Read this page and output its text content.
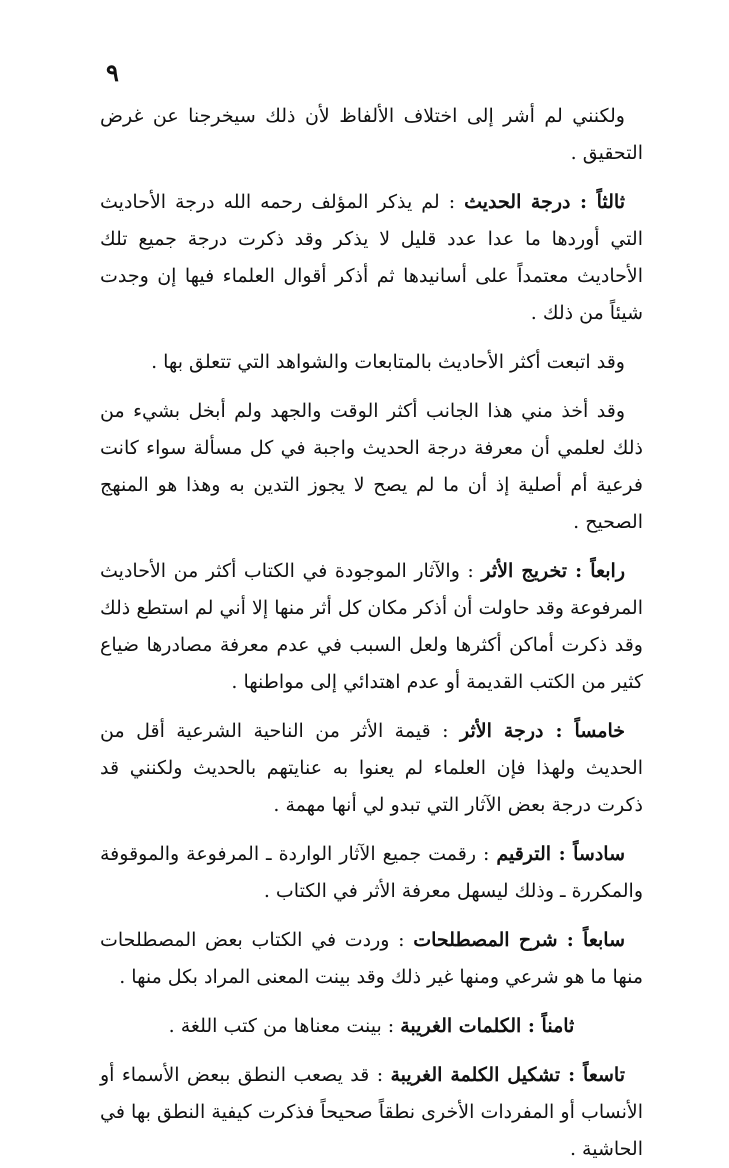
٩

ولكنني لم أشر إلى اختلاف الألفاظ لأن ذلك سيخرجنا عن غرض التحقيق .

ثالثاً : درجة الحديث : لم يذكر المؤلف رحمه الله درجة الأحاديث التي أوردها ما عدا عدد قليل لا يذكر وقد ذكرت درجة جميع تلك الأحاديث معتمداً على أسانيدها ثم أذكر أقوال العلماء فيها إن وجدت شيئاً من ذلك .

وقد اتبعت أكثر الأحاديث بالمتابعات والشواهد التي تتعلق بها .

وقد أخذ مني هذا الجانب أكثر الوقت والجهد ولم أبخل بشيء من ذلك لعلمي أن معرفة درجة الحديث واجبة في كل مسألة سواء كانت فرعية أم أصلية إذ أن ما لم يصح لا يجوز التدين به وهذا هو المنهج الصحيح .

رابعاً : تخريج الأثر : والآثار الموجودة في الكتاب أكثر من الأحاديث المرفوعة وقد حاولت أن أذكر مكان كل أثر منها إلا أني لم استطع ذلك وقد ذكرت أماكن أكثرها ولعل السبب في عدم معرفة مصادرها ضياع كثير من الكتب القديمة أو عدم اهتدائي إلى مواطنها .

خامساً : درجة الأثر : قيمة الأثر من الناحية الشرعية أقل من الحديث ولهذا فإن العلماء لم يعنوا به عنايتهم بالحديث ولكنني قد ذكرت درجة بعض الآثار التي تبدو لي أنها مهمة .

سادساً : الترقيم : رقمت جميع الآثار الواردة ـ المرفوعة والموقوفة والمكررة ـ وذلك ليسهل معرفة الأثر في الكتاب .

سابعاً : شرح المصطلحات : وردت في الكتاب بعض المصطلحات منها ما هو شرعي ومنها غير ذلك وقد بينت المعنى المراد بكل منها .

ثامناً : الكلمات الغريبة : بينت معناها من كتب اللغة .

تاسعاً : تشكيل الكلمة الغريبة : قد يصعب النطق ببعض الأسماء أو الأنساب أو المفردات الأخرى نطقاً صحيحاً فذكرت كيفية النطق بها في الحاشية .
